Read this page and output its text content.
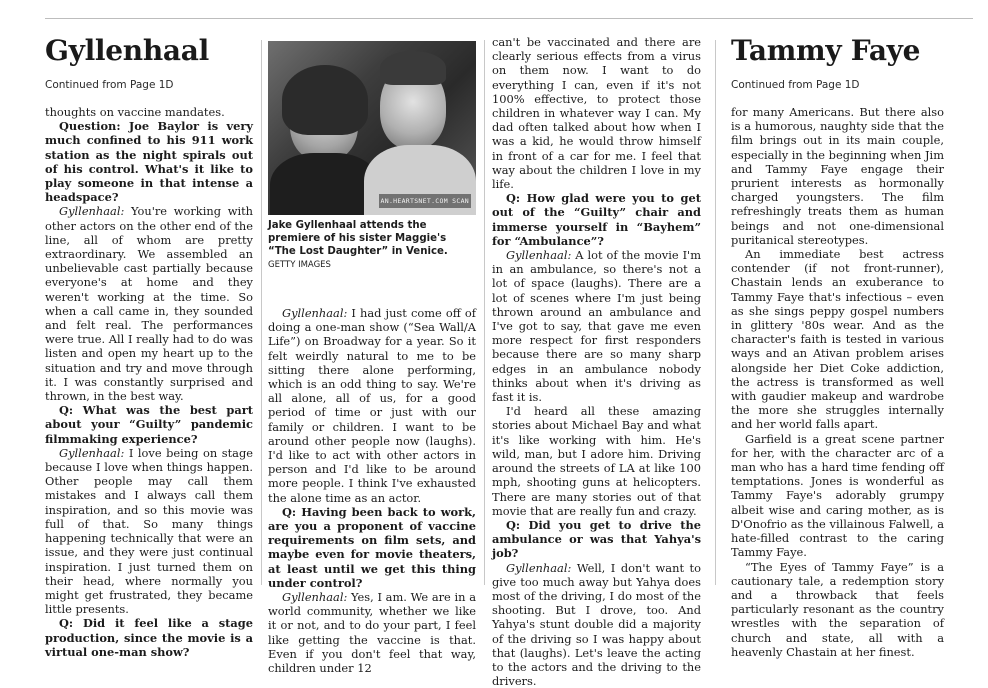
Gyllenhaal
Continued from Page 1D

thoughts on vaccine mandates.

Question: Joe Baylor is very much confined to his 911 work station as the night spirals out of his control. What's it like to play someone in that intense a headspace?

Gyllenhaal: You're working with other actors on the other end of the line, all of whom are pretty extraordinary. We assembled an unbelievable cast partially because everyone's at home and they weren't working at the time. So when a call came in, they sounded and felt real. The performances were true. All I really had to do was listen and open my heart up to the situation and try and move through it. I was constantly surprised and thrown, in the best way.

Q: What was the best part about your “Guilty” pandemic filmmaking experience?

Gyllenhaal: I love being on stage because I love when things happen. Other people may call them mistakes and I always call them inspiration, and so this movie was full of that. So many things happening technically that were an issue, and they were just continual inspiration. I just turned them on their head, where normally you might get frustrated, they became little presents.

Q: Did it feel like a stage production, since the movie is a virtual one-man show?

AN.HEARTSNET.COM SCAN
Jake Gyllenhaal attends the premiere of his sister Maggie's “The Lost Daughter” in Venice. GETTY IMAGES

Gyllenhaal: I had just come off of doing a one-man show (“Sea Wall/A Life”) on Broadway for a year. So it felt weirdly natural to me to be sitting there alone performing, which is an odd thing to say. We're all alone, all of us, for a good period of time or just with our family or children. I want to be around other people now (laughs). I'd like to act with other actors in person and I'd like to be around more people. I think I've exhausted the alone time as an actor.

Q: Having been back to work, are you a proponent of vaccine requirements on film sets, and maybe even for movie theaters, at least until we get this thing under control?

Gyllenhaal: Yes, I am. We are in a world community, whether we like it or not, and to do your part, I feel like getting the vaccine is that. Even if you don't feel that way, children under 12

can't be vaccinated and there are clearly serious effects from a virus on them now. I want to do everything I can, even if it's not 100% effective, to protect those children in whatever way I can. My dad often talked about how when I was a kid, he would throw himself in front of a car for me. I feel that way about the children I love in my life.

Q: How glad were you to get out of the “Guilty” chair and immerse yourself in “Bayhem” for “Ambulance”?

Gyllenhaal: A lot of the movie I'm in an ambulance, so there's not a lot of space (laughs). There are a lot of scenes where I'm just being thrown around an ambulance and I've got to say, that gave me even more respect for first responders because there are so many sharp edges in an ambulance nobody thinks about when it's driving as fast it is.

I'd heard all these amazing stories about Michael Bay and what it's like working with him. He's wild, man, but I adore him. Driving around the streets of LA at like 100 mph, shooting guns at helicopters. There are many stories out of that movie that are really fun and crazy.

Q: Did you get to drive the ambulance or was that Yahya's job?

Gyllenhaal: Well, I don't want to give too much away but Yahya does most of the driving, I do most of the shooting. But I drove, too. And Yahya's stunt double did a majority of the driving so I was happy about that (laughs). Let's leave the acting to the actors and the driving to the drivers.

Tammy Faye
Continued from Page 1D

for many Americans. But there also is a humorous, naughty side that the film brings out in its main couple, especially in the beginning when Jim and Tammy Faye engage their prurient interests as hormonally charged youngsters. The film refreshingly treats them as human beings and not one-dimensional puritanical stereotypes.

An immediate best actress contender (if not front-runner), Chastain lends an exuberance to Tammy Faye that's infectious – even as she sings peppy gospel numbers in glittery '80s wear. And as the character's faith is tested in various ways and an Ativan problem arises alongside her Diet Coke addiction, the actress is transformed as well with gaudier makeup and wardrobe the more she struggles internally and her world falls apart.

Garfield is a great scene partner for her, with the character arc of a man who has a hard time fending off temptations. Jones is wonderful as Tammy Faye's adorably grumpy albeit wise and caring mother, as is D'Onofrio as the villainous Falwell, a hate-filled contrast to the caring Tammy Faye.

“The Eyes of Tammy Faye” is a cautionary tale, a redemption story and a throwback that feels particularly resonant as the country wrestles with the separation of church and state, all with a heavenly Chastain at her finest.
